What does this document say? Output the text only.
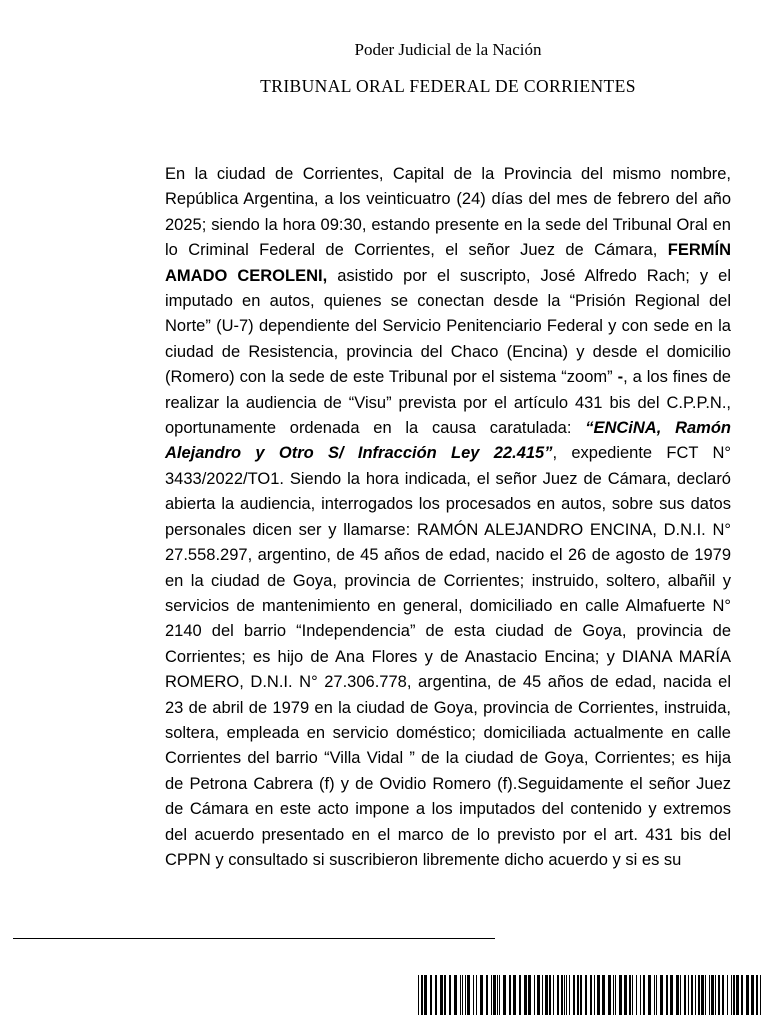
Poder Judicial de la Nación
TRIBUNAL ORAL FEDERAL DE CORRIENTES

En la ciudad de Corrientes, Capital de la Provincia del mismo nombre, República Argentina, a los veinticuatro (24) días del mes de febrero del año 2025; siendo la hora 09:30, estando presente en la sede del Tribunal Oral en lo Criminal Federal de Corrientes, el señor Juez de Cámara, FERMÍN AMADO CEROLENI, asistido por el suscripto, José Alfredo Rach; y el imputado en autos, quienes se conectan desde la “Prisión Regional del Norte” (U-7) dependiente del Servicio Penitenciario Federal y con sede en la ciudad de Resistencia, provincia del Chaco (Encina) y desde el domicilio (Romero) con la sede de este Tribunal por el sistema “zoom” -, a los fines de realizar la audiencia de “Visu” prevista por el artículo 431 bis del C.P.P.N., oportunamente ordenada en la causa caratulada: “ENCiNA, Ramón Alejandro y Otro S/ Infracción Ley 22.415”, expediente FCT N° 3433/2022/TO1. Siendo la hora indicada, el señor Juez de Cámara, declaró abierta la audiencia, interrogados los procesados en autos, sobre sus datos personales dicen ser y llamarse: RAMÓN ALEJANDRO ENCINA, D.N.I. N° 27.558.297, argentino, de 45 años de edad, nacido el 26 de agosto de 1979 en la ciudad de Goya, provincia de Corrientes; instruido, soltero, albañil y servicios de mantenimiento en general, domiciliado en calle Almafuerte N° 2140 del barrio “Independencia” de esta ciudad de Goya, provincia de Corrientes; es hijo de Ana Flores y de Anastacio Encina; y DIANA MARÍA ROMERO, D.N.I. N° 27.306.778, argentina, de 45 años de edad, nacida el 23 de abril de 1979 en la ciudad de Goya, provincia de Corrientes, instruida, soltera, empleada en servicio doméstico; domiciliada actualmente en calle Corrientes del barrio “Villa Vidal ” de la ciudad de Goya, Corrientes; es hija de Petrona Cabrera (f) y de Ovidio Romero (f).Seguidamente el señor Juez de Cámara en este acto impone a los imputados del contenido y extremos del acuerdo presentado en el marco de lo previsto por el art. 431 bis del CPPN y consultado si suscribieron libremente dicho acuerdo y si es su
